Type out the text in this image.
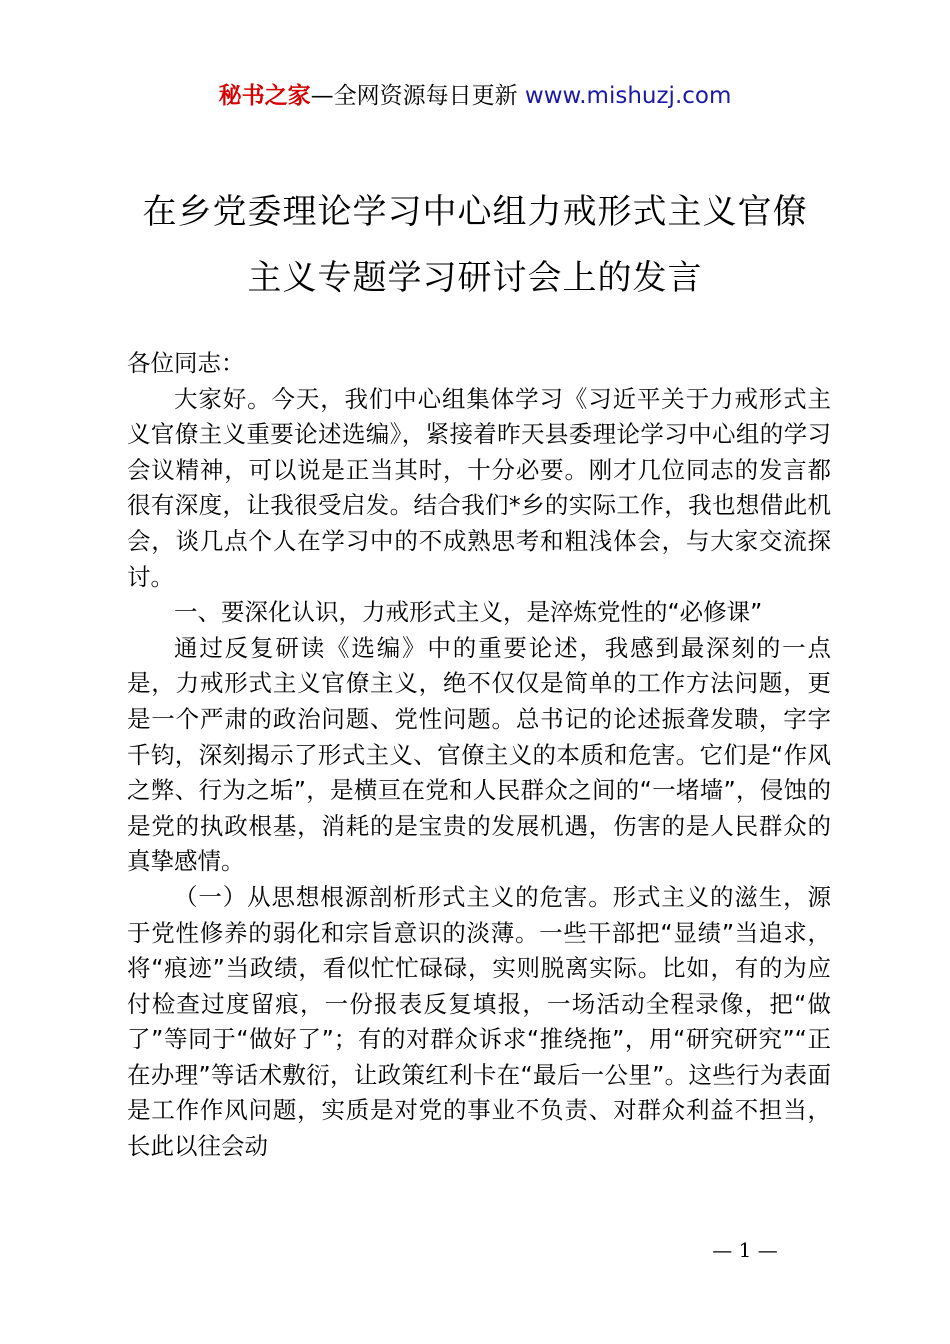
秘书之家—全网资源每日更新 www.mishuzj.com
在乡党委理论学习中心组力戒形式主义官僚
主义专题学习研讨会上的发言

各位同志：

大家好。今天，我们中心组集体学习《习近平关于力戒形式主义官僚主义重要论述选编》，紧接着昨天县委理论学习中心组的学习会议精神，可以说是正当其时，十分必要。刚才几位同志的发言都很有深度，让我很受启发。结合我们*乡的实际工作，我也想借此机会，谈几点个人在学习中的不成熟思考和粗浅体会，与大家交流探讨。

一、要深化认识，力戒形式主义，是淬炼党性的“必修课”

通过反复研读《选编》中的重要论述，我感到最深刻的一点是，力戒形式主义官僚主义，绝不仅仅是简单的工作方法问题，更是一个严肃的政治问题、党性问题。总书记的论述振聋发聩，字字千钧，深刻揭示了形式主义、官僚主义的本质和危害。它们是“作风之弊、行为之垢”，是横亘在党和人民群众之间的“一堵墙”，侵蚀的是党的执政根基，消耗的是宝贵的发展机遇，伤害的是人民群众的真挚感情。

（一）从思想根源剖析形式主义的危害。形式主义的滋生，源于党性修养的弱化和宗旨意识的淡薄。一些干部把“显绩”当追求，将“痕迹”当政绩，看似忙忙碌碌，实则脱离实际。比如，有的为应付检查过度留痕，一份报表反复填报，一场活动全程录像，把“做了”等同于“做好了”；有的对群众诉求“推绕拖”，用“研究研究”“正在办理”等话术敷衍，让政策红利卡在“最后一公里”。这些行为表面是工作作风问题，实质是对党的事业不负责、对群众利益不担当，长此以往会动

— 1 —
